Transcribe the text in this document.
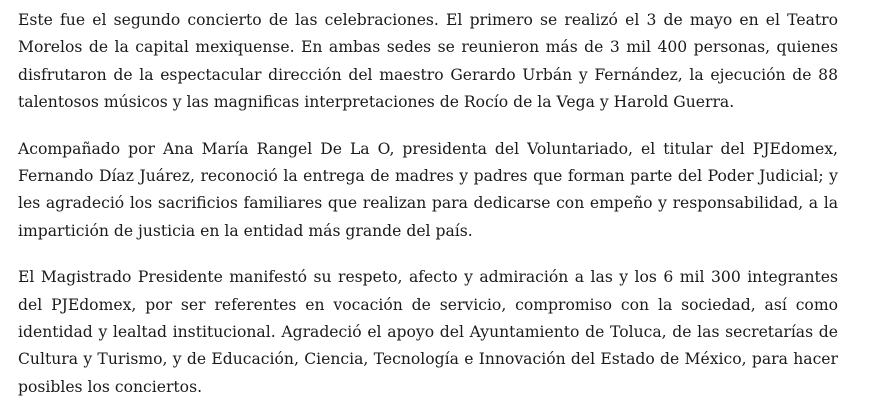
Este fue el segundo concierto de las celebraciones. El primero se realizó el 3 de mayo en el Teatro Morelos de la capital mexiquense. En ambas sedes se reunieron más de 3 mil 400 personas, quienes disfrutaron de la espectacular dirección del maestro Gerardo Urbán y Fernández, la ejecución de 88 talentosos músicos y las magnificas interpretaciones de Rocío de la Vega y Harold Guerra.

Acompañado por Ana María Rangel De La O, presidenta del Voluntariado, el titular del PJEdomex, Fernando Díaz Juárez, reconoció la entrega de madres y padres que forman parte del Poder Judicial; y les agradeció los sacrificios familiares que realizan para dedicarse con empeño y responsabilidad, a la impartición de justicia en la entidad más grande del país.

El Magistrado Presidente manifestó su respeto, afecto y admiración a las y los 6 mil 300 integrantes del PJEdomex, por ser referentes en vocación de servicio, compromiso con la sociedad, así como identidad y lealtad institucional. Agradeció el apoyo del Ayuntamiento de Toluca, de las secretarías de Cultura y Turismo, y de Educación, Ciencia, Tecnología e Innovación del Estado de México, para hacer posibles los conciertos.
